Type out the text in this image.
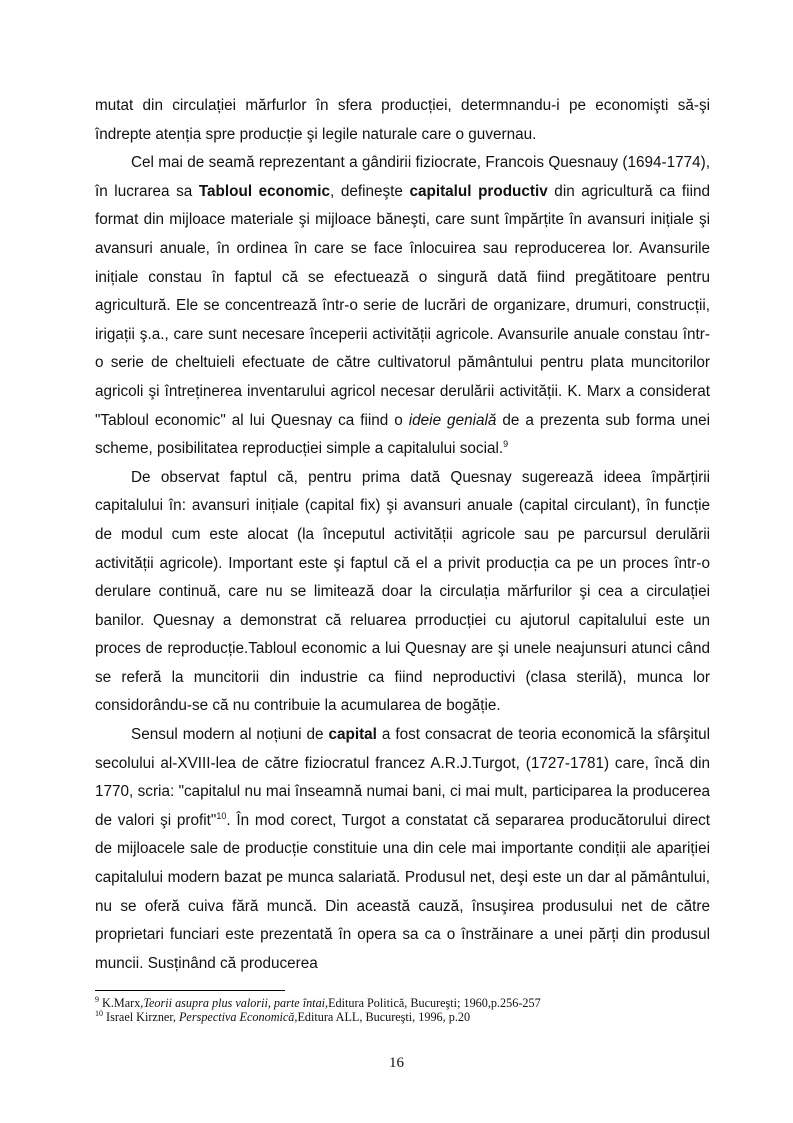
mutat din circulației mărfurlor în sfera producției, determnandu-i pe economişti să-şi îndrepte atenția spre producție şi legile naturale care o guvernau.

Cel mai de seamă reprezentant a gândirii fiziocrate, Francois Quesnauy (1694-1774), în lucrarea sa Tabloul economic, defineşte capitalul productiv din agricultură ca fiind format din mijloace materiale şi mijloace băneşti, care sunt împărțite în avansuri inițiale şi avansuri anuale, în ordinea în care se face înlocuirea sau reproducerea lor. Avansurile inițiale constau în faptul că se efectuează o singură dată fiind pregătitoare pentru agricultură. Ele se concentrează într-o serie de lucrări de organizare, drumuri, construcții, irigații ş.a., care sunt necesare începerii activității agricole. Avansurile anuale constau într-o serie de cheltuieli efectuate de către cultivatorul pământului pentru plata muncitorilor agricoli şi întreținerea inventarului agricol necesar derulării activității. K. Marx a considerat "Tabloul economic" al lui Quesnay ca fiind o ideie genială de a prezenta sub forma unei scheme, posibilitatea reproducției simple a capitalului social.$^9$

De observat faptul că, pentru prima dată Quesnay sugerează ideea împărțirii capitalului în: avansuri inițiale (capital fix) şi avansuri anuale (capital circulant), în funcție de modul cum este alocat (la începutul activității agricole sau pe parcursul derulării activității agricole). Important este şi faptul că el a privit producția ca pe un proces într-o derulare continuă, care nu se limitează doar la circulația mărfurilor şi cea a circulației banilor. Quesnay a demonstrat că reluarea prroducției cu ajutorul capitalului este un proces de reproducție.Tabloul economic a lui Quesnay are şi unele neajunsuri atunci când se referă la muncitorii din industrie ca fiind neproductivi (clasa sterilă), munca lor considorându-se că nu contribuie la acumularea de bogăție.

Sensul modern al noțiuni de capital a fost consacrat de teoria economică la sfârşitul secolului al-XVIII-lea de către fiziocratul francez A.R.J.Turgot, (1727-1781) care, încă din 1770, scria: "capitalul nu mai înseamnă numai bani, ci mai mult, participarea la producerea de valori şi profit"$^{10}$. În mod corect, Turgot a constatat că separarea producătorului direct de mijloacele sale de producție constituie una din cele mai importante condiții ale apariției capitalului modern bazat pe munca salariată. Produsul net, deşi este un dar al pământului, nu se oferă cuiva fără muncă. Din această cauză, însuşirea produsului net de către proprietari funciari este prezentată în opera sa ca o înstrăinare a unei părți din produsul muncii. Susținând că producerea

$^9$ K.Marx,Teorii asupra plus valorii, parte întai,Editura Politică, Bucureşti; 1960,p.256-257

$^{10}$ Israel Kirzner, Perspectiva Economică,Editura ALL, Bucureşti, 1996, p.20

16
